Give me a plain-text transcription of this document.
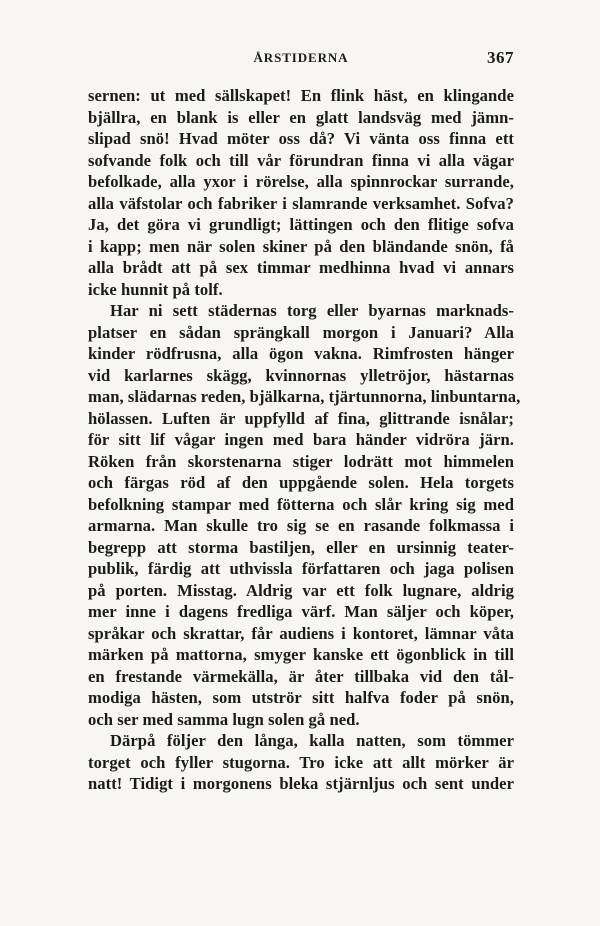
ÅRSTIDERNA	367
sernen: ut med sällskapet! En flink häst, en klingande
bjällra, en blank is eller en glatt landsväg med jämn-
slipad snö! Hvad möter oss då? Vi vänta oss finna ett
sofvande folk och till vår förundran finna vi alla vägar
befolkade, alla yxor i rörelse, alla spinnrockar surrande,
alla väfstolar och fabriker i slamrande verksamhet. Sofva?
Ja, det göra vi grundligt; lättingen och den flitige sofva
i kapp; men när solen skiner på den bländande snön, få
alla brådt att på sex timmar medhinna hvad vi annars
icke hunnit på tolf.
Har ni sett städernas torg eller byarnas marknads-
platser en sådan sprängkall morgon i Januari? Alla
kinder rödfrusna, alla ögon vakna. Rimfrosten hänger
vid karlarnes skägg, kvinnornas ylletröjor, hästarnas
man, slädarnas reden, bjälkarna, tjärtunnorna, linbuntarna,
hölassen. Luften är uppfylld af fina, glittrande isnålar;
för sitt lif vågar ingen med bara händer vidröra järn.
Röken från skorstenarna stiger lodrätt mot himmelen
och färgas röd af den uppgående solen. Hela torgets
befolkning stampar med fötterna och slår kring sig med
armarna. Man skulle tro sig se en rasande folkmassa i
begrepp att storma bastiljen, eller en ursinnig teater-
publik, färdig att uthvissla författaren och jaga polisen
på porten. Misstag. Aldrig var ett folk lugnare, aldrig
mer inne i dagens fredliga värf. Man säljer och köper,
språkar och skrattar, får audiens i kontoret, lämnar våta
märken på mattorna, smyger kanske ett ögonblick in till
en frestande värmekälla, är åter tillbaka vid den tål-
modiga hästen, som utströr sitt halfva foder på snön,
och ser med samma lugn solen gå ned.
Därpå följer den långa, kalla natten, som tömmer
torget och fyller stugorna. Tro icke att allt mörker är
natt! Tidigt i morgonens bleka stjärnljus och sent under
